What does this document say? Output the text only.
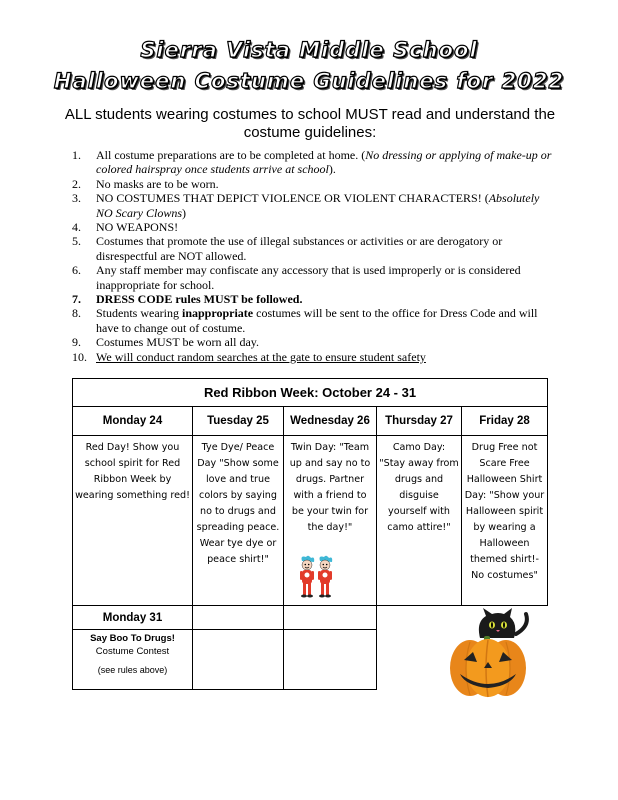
Sierra Vista Middle School
Halloween Costume Guidelines for 2022
ALL students wearing costumes to school MUST read and understand the costume guidelines:
1. All costume preparations are to be completed at home. (No dressing or applying of make-up or colored hairspray once students arrive at school).
2. No masks are to be worn.
3. NO COSTUMES THAT DEPICT VIOLENCE OR VIOLENT CHARACTERS! (Absolutely NO Scary Clowns)
4. NO WEAPONS!
5. Costumes that promote the use of illegal substances or activities or are derogatory or disrespectful are NOT allowed.
6. Any staff member may confiscate any accessory that is used improperly or is considered inappropriate for school.
7. DRESS CODE rules MUST be followed.
8. Students wearing inappropriate costumes will be sent to the office for Dress Code and will have to change out of costume.
9. Costumes MUST be worn all day.
10. We will conduct random searches at the gate to ensure student safety
Red Ribbon Week: October 24 - 31				
Monday 24	Tuesday 25	Wednesday 26	Thursday 27	Friday 28
Red Day! Show you school spirit for Red Ribbon Week by wearing something red!	Tye Dye/ Peace Day "Show some love and true colors by saying no to drugs and spreading peace. Wear tye dye or peace shirt!"	Twin Day: "Team up and say no to drugs. Partner with a friend to be your twin for the day!"	Camo Day: "Stay away from drugs and disguise yourself with camo attire!"	Drug Free not Scare Free Halloween Shirt Day: "Show your Halloween spirit by wearing a Halloween themed shirt!- No costumes"
Monday 31				

Say Boo To Drugs!
Costume Contest
(see rules above)				
